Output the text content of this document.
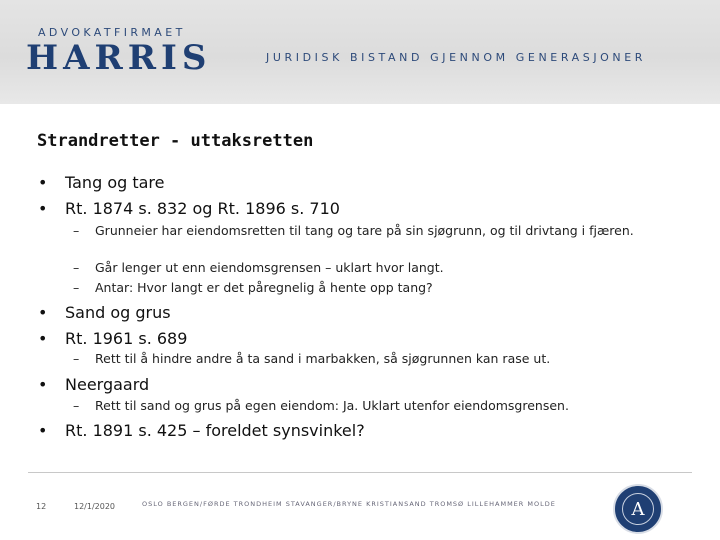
ADVOKATFIRMAET
HARRIS	JURIDISK BISTAND GJENNOM GENERASJONER
Strandretter - uttaksretten
• Tang og tare
• Rt. 1874 s. 832 og Rt. 1896 s. 710
– Grunneier har eiendomsretten til tang og tare på sin sjøgrunn, og til drivtang i fjæren.
– Går lenger ut enn eiendomsgrensen – uklart hvor langt.
– Antar: Hvor langt er det påregnelig å hente opp tang?
• Sand og grus
• Rt. 1961 s. 689
– Rett til å hindre andre å ta sand i marbakken, så sjøgrunnen kan rase ut.
• Neergaard
– Rett til sand og grus på egen eiendom: Ja. Uklart utenfor eiendomsgrensen.
• Rt. 1891 s. 425 – foreldet synsvinkel?
12	12/1/2020	OSLO BERGEN/FØRDE TRONDHEIM STAVANGER/BRYNE KRISTIANSAND TROMSØ LILLEHAMMER MOLDE	A
